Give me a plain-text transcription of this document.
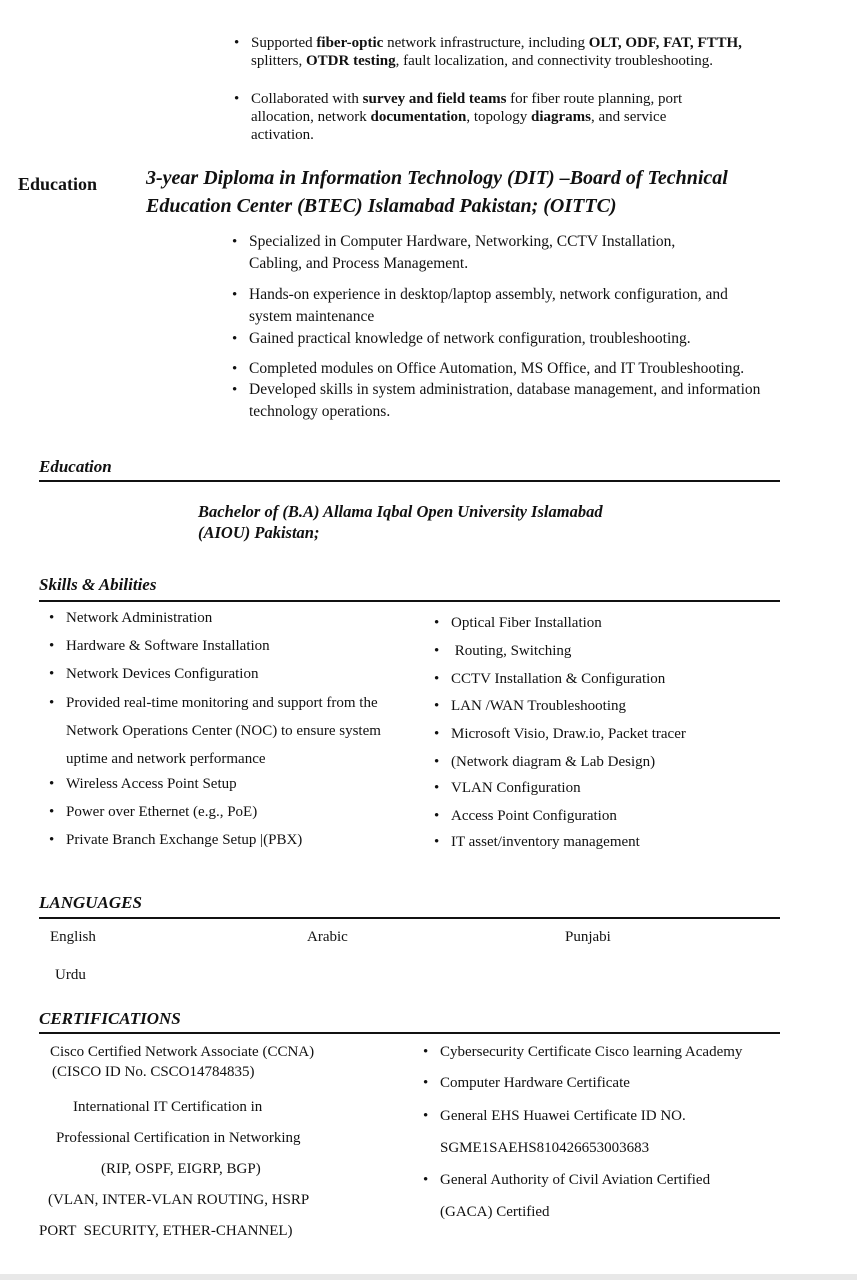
• Supported fiber-optic network infrastructure, including OLT, ODF, FAT, FTTH, splitters, OTDR testing, fault localization, and connectivity troubleshooting.
• Collaborated with survey and field teams for fiber route planning, port allocation, network documentation, topology diagrams, and service activation.
Education 3-year Diploma in Information Technology (DIT) –Board of Technical
Education Center (BTEC) Islamabad Pakistan; (OITTC)
• Specialized in Computer Hardware, Networking, CCTV Installation, Cabling, and Process Management.
• Hands-on experience in desktop/laptop assembly, network configuration, and system maintenance
• Gained practical knowledge of network configuration, troubleshooting.
• Completed modules on Office Automation, MS Office, and IT Troubleshooting.
• Developed skills in system administration, database management, and information technology operations.
Education
Bachelor of (B.A) Allama Iqbal Open University Islamabad
(AIOU) Pakistan;
Skills & Abilities
• Network Administration
• Hardware & Software Installation
• Network Devices Configuration
• Provided real-time monitoring and support from the Network Operations Center (NOC) to ensure system uptime and network performance
• Wireless Access Point Setup
• Power over Ethernet (e.g., PoE)
• Private Branch Exchange Setup |(PBX)
• Optical Fiber Installation
•  Routing, Switching
• CCTV Installation & Configuration
• LAN /WAN Troubleshooting
• Microsoft Visio, Draw.io, Packet tracer
• (Network diagram & Lab Design)
• VLAN Configuration
• Access Point Configuration
• IT asset/inventory management
LANGUAGES
English	Arabic	Punjabi
Urdu
CERTIFICATIONS
Cisco Certified Network Associate (CCNA)
(CISCO ID No. CSCO14784835)
International IT Certification in
Professional Certification in Networking
(RIP, OSPF, EIGRP, BGP)
(VLAN, INTER-VLAN ROUTING, HSRP
PORT  SECURITY, ETHER-CHANNEL)
• Cybersecurity Certificate Cisco learning Academy
• Computer Hardware Certificate
• General EHS Huawei Certificate ID NO.
SGME1SAEHS810426653003683
• General Authority of Civil Aviation Certified
(GACA) Certified
